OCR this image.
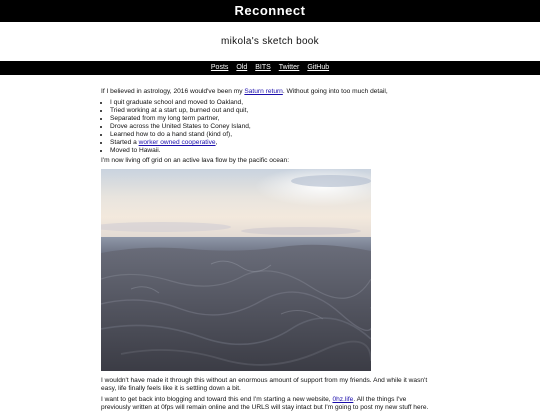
Reconnect
mikola's sketch book
Posts Old BITS Twitter GitHub

If I believed in astrology, 2016 would've been my Saturn return. Without going into too much detail,

• I quit graduate school and moved to Oakland,
• Tried working at a start up, burned out and quit,
• Separated from my long term partner,
• Drove across the United States to Coney Island,
• Learned how to do a hand stand (kind of),
• Started a worker owned cooperative,
• Moved to Hawaii.

I'm now living off grid on an active lava flow by the pacific ocean:

I wouldn't have made it through this without an enormous amount of support from my friends. And while it wasn't easy, life finally feels like it is settling down a bit.

I want to get back into blogging and toward this end I'm starting a new website, 0hz.life. All the things I've previously written at 0fps will remain online and the URLS will stay intact but I'm going to post my new stuff here.
